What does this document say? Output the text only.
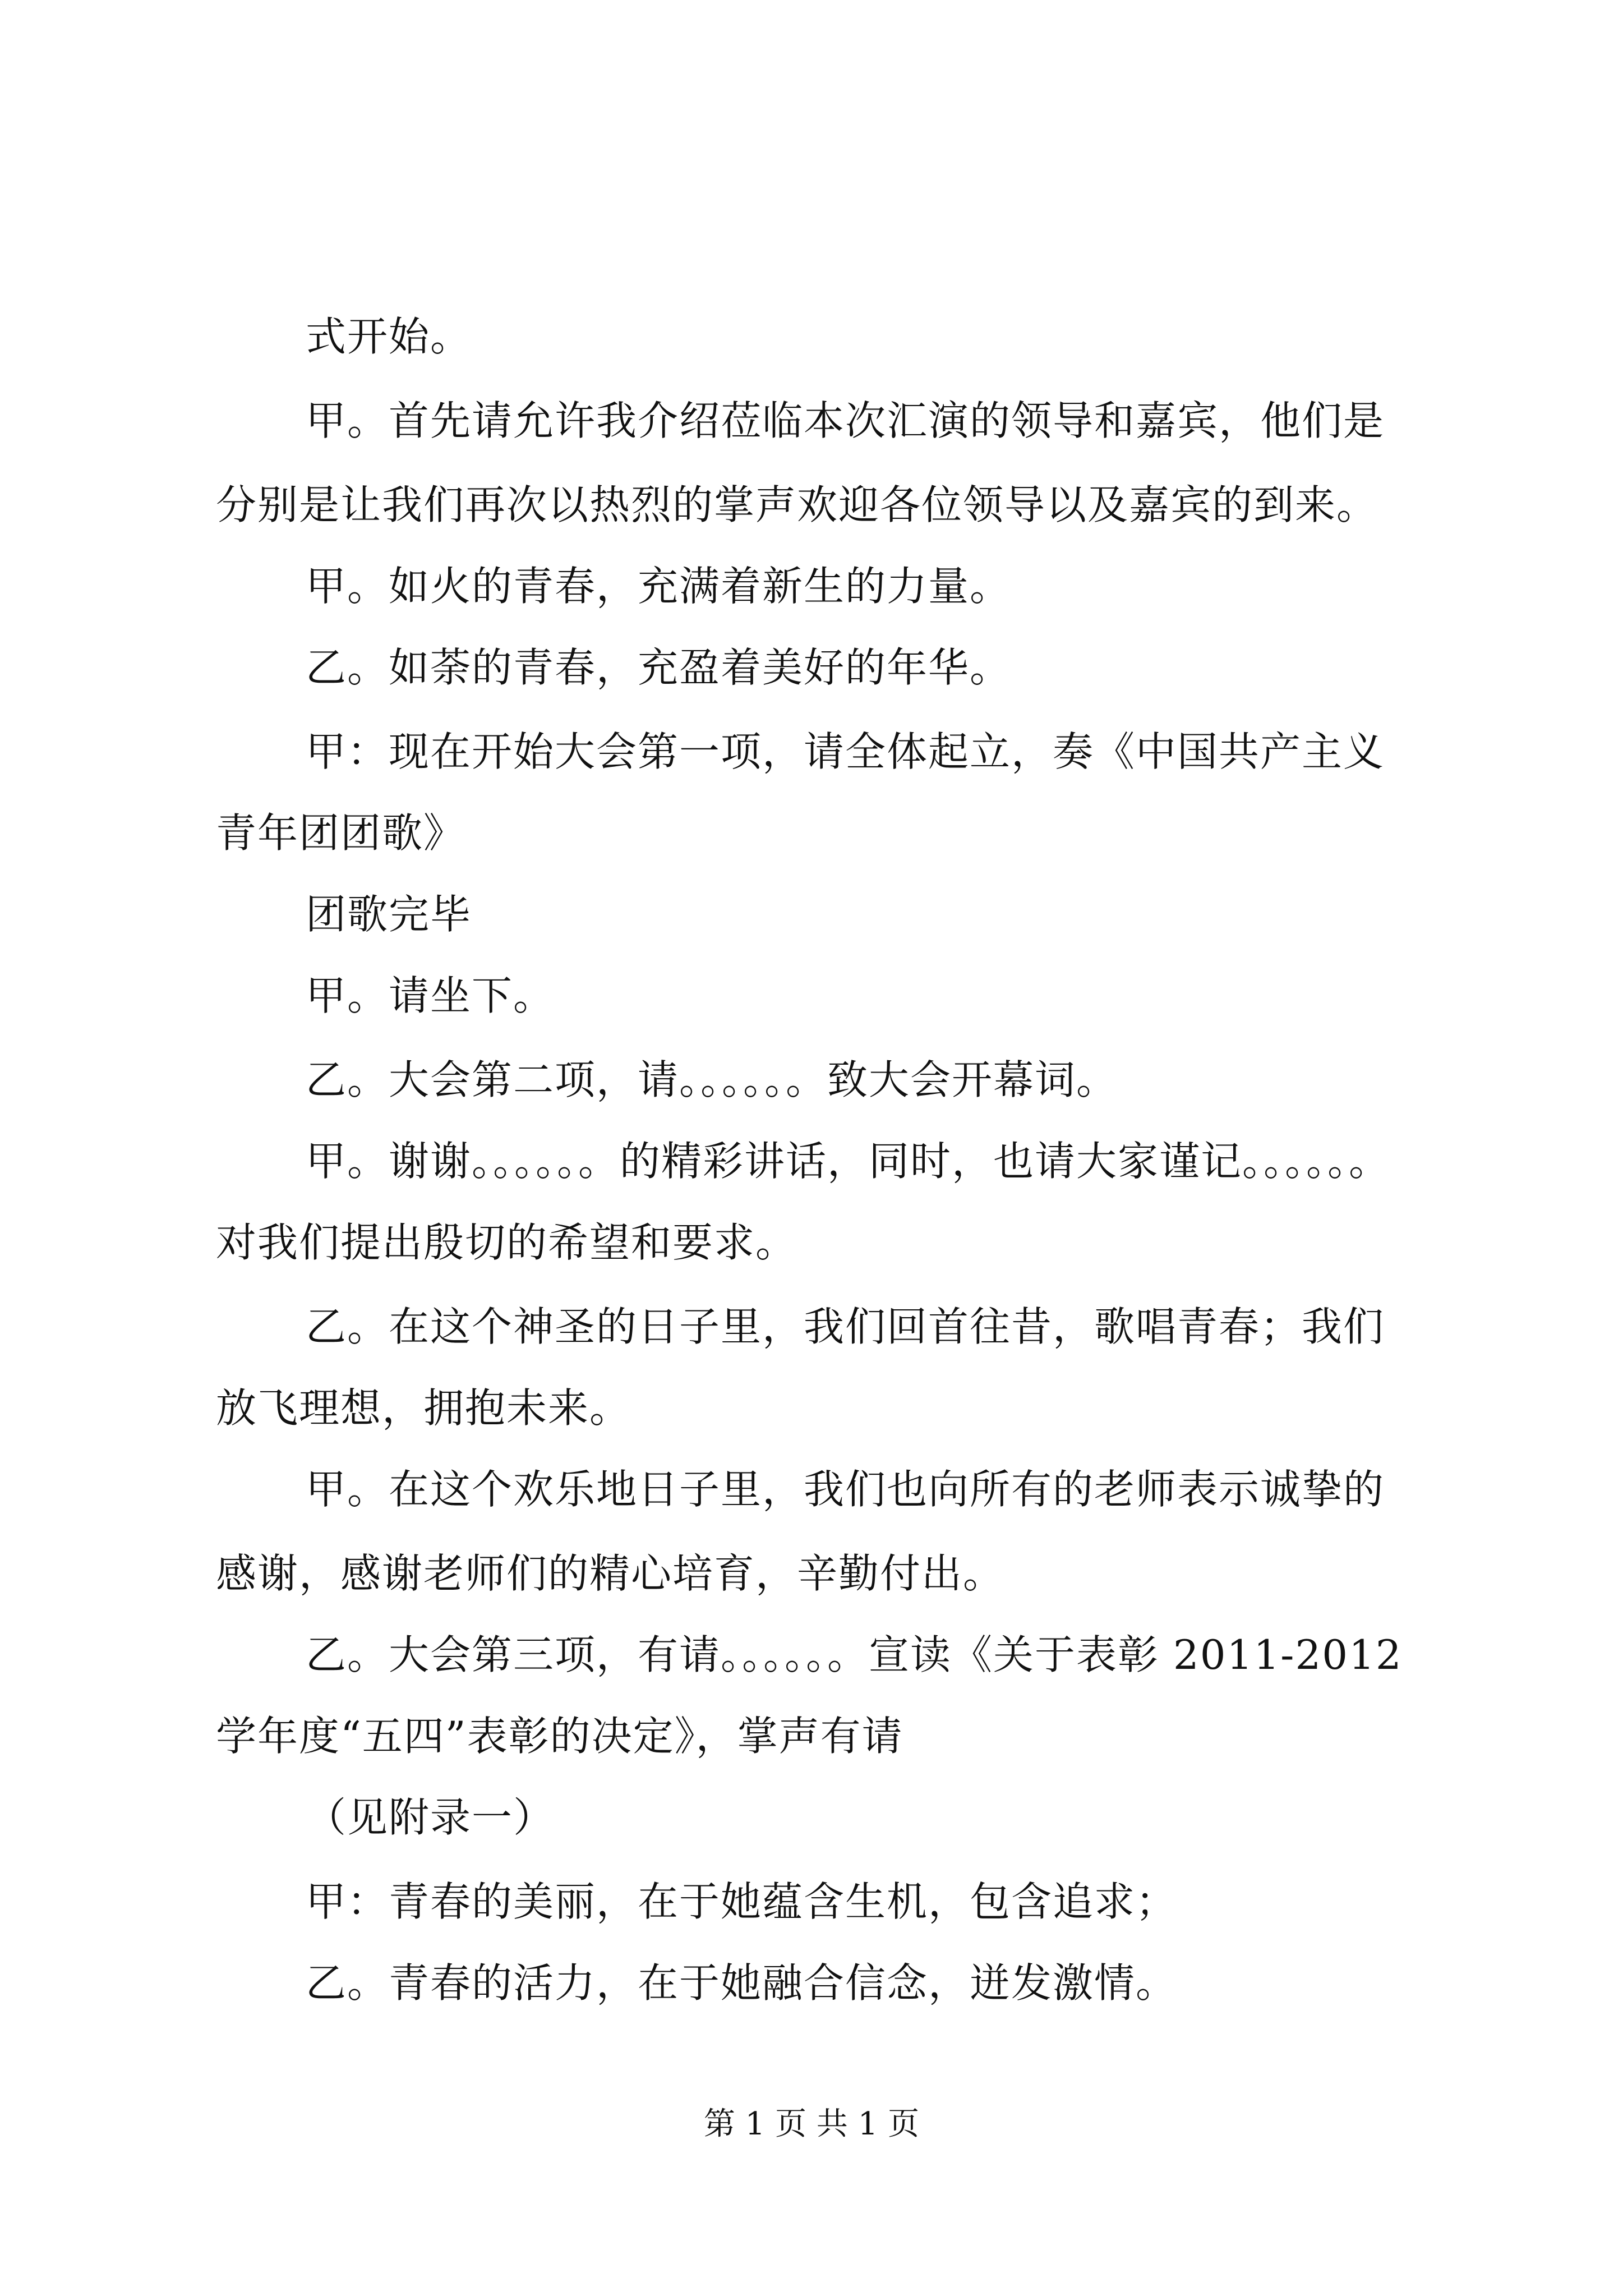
式开始。
甲。首先请允许我介绍莅临本次汇演的领导和嘉宾，他们是
分别是让我们再次以热烈的掌声欢迎各位领导以及嘉宾的到来。
甲。如火的青春，充满着新生的力量。
乙。如荼的青春，充盈着美好的年华。
甲：现在开始大会第一项，请全体起立，奏《中国共产主义
青年团团歌》
团歌完毕
甲。请坐下。
乙。大会第二项，请。。。。。。致大会开幕词。
甲。谢谢。。。。。。的精彩讲话，同时，也请大家谨记。。。。。。
对我们提出殷切的希望和要求。
乙。在这个神圣的日子里，我们回首往昔，歌唱青春；我们
放飞理想，拥抱未来。
甲。在这个欢乐地日子里，我们也向所有的老师表示诚挚的
感谢，感谢老师们的精心培育，辛勤付出。
乙。大会第三项，有请。。。。。。宣读《关于表彰 2011-2012
学年度“五四”表彰的决定》，掌声有请
（见附录一）
甲：青春的美丽，在于她蕴含生机，包含追求；
乙。青春的活力，在于她融合信念，迸发激情。
第 1 页 共 1 页
